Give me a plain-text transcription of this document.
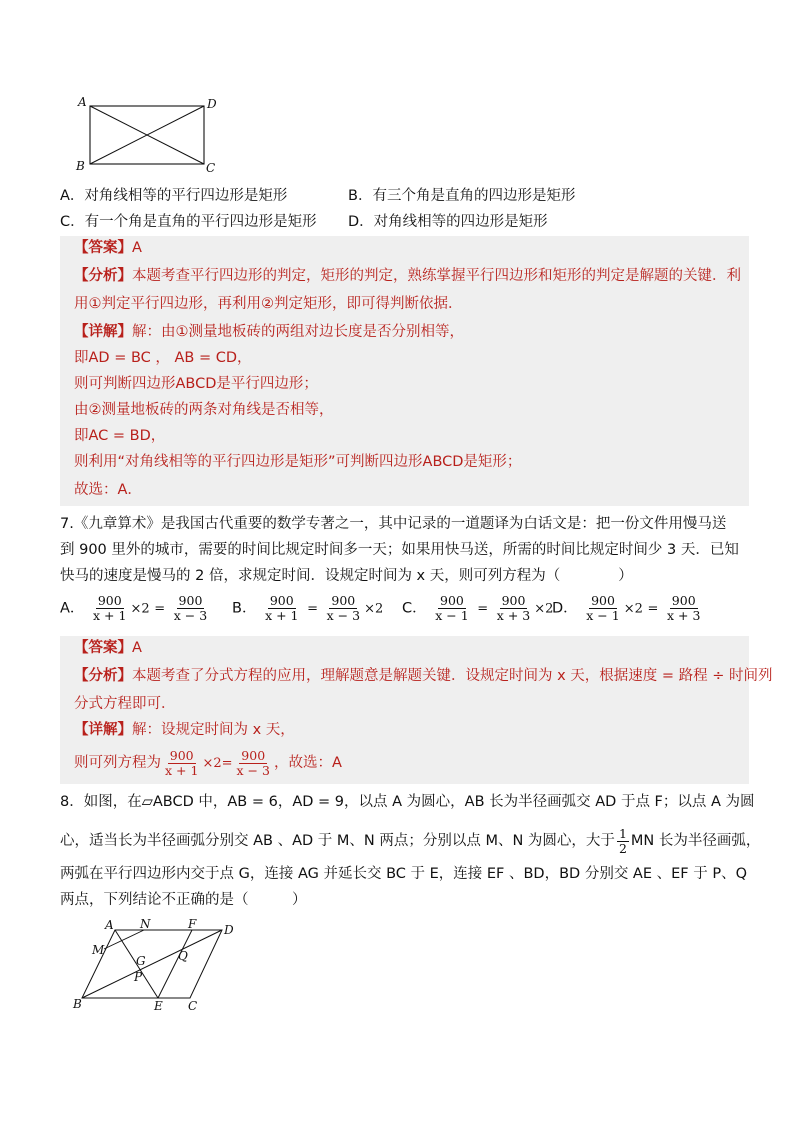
A	D
B	C
A．对角线相等的平行四边形是矩形	B．有三个角是直角的四边形是矩形
C．有一个角是直角的平行四边形是矩形 D．对角线相等的四边形是矩形
【答案】A
【分析】本题考查平行四边形的判定，矩形的判定，熟练掌握平行四边形和矩形的判定是解题的关键．利
用①判定平行四边形，再利用②判定矩形，即可得判断依据．
【详解】解：由①测量地板砖的两组对边长度是否分别相等，
即AD = BC ， AB = CD，
则可判断四边形ABCD是平行四边形；
由②测量地板砖的两条对角线是否相等，
即AC = BD，
则利用“对角线相等的平行四边形是矩形”可判断四边形ABCD是矩形；
故选：A．
7.《九章算术》是我国古代重要的数学专著之一，其中记录的一道题译为白话文是：把一份文件用慢马送
到 900 里外的城市，需要的时间比规定时间多一天；如果用快马送，所需的时间比规定时间少 3 天．已知
快马的速度是慢马的 2 倍，求规定时间．设规定时间为 x 天，则可列方程为（　　　　）
A． $\frac{900}{x + 1} \times 2 = \frac{900}{x - 3}$ B． $\frac{900}{x + 1} = \frac{900}{x - 3} \times 2$ C． $\frac{900}{x - 1} = \frac{900}{x + 3} \times 2$
D． $\frac{900}{x - 1} \times 2 = \frac{900}{x + 3}$
【答案】A
【分析】本题考查了分式方程的应用，理解题意是解题关键．设规定时间为 x 天，根据速度 = 路程 ÷ 时间列
分式方程即可．
【详解】解：设规定时间为 x 天，
则可列方程为 $\frac{900}{x + 1} \times 2= \frac{900}{x - 3}$ ，故选：A
8．如图，在▱ABCD 中，AB = 6，AD = 9，以点 A 为圆心，AB 长为半径画弧交 AD 于点 F；以点 A 为圆
心，适当长为半径画弧分别交 AB 、AD 于 M、N 两点；分别以点 M、N 为圆心，大于 $\frac{1}{2}$ MN 长为半径画弧，
两弧在平行四边形内交于点 G，连接 AG 并延长交 BC 于 E，连接 EF 、BD，BD 分别交 AE 、EF 于 P、Q
两点，下列结论不正确的是（　　　）
A N	F D
M
G	Q
P
B	E C
